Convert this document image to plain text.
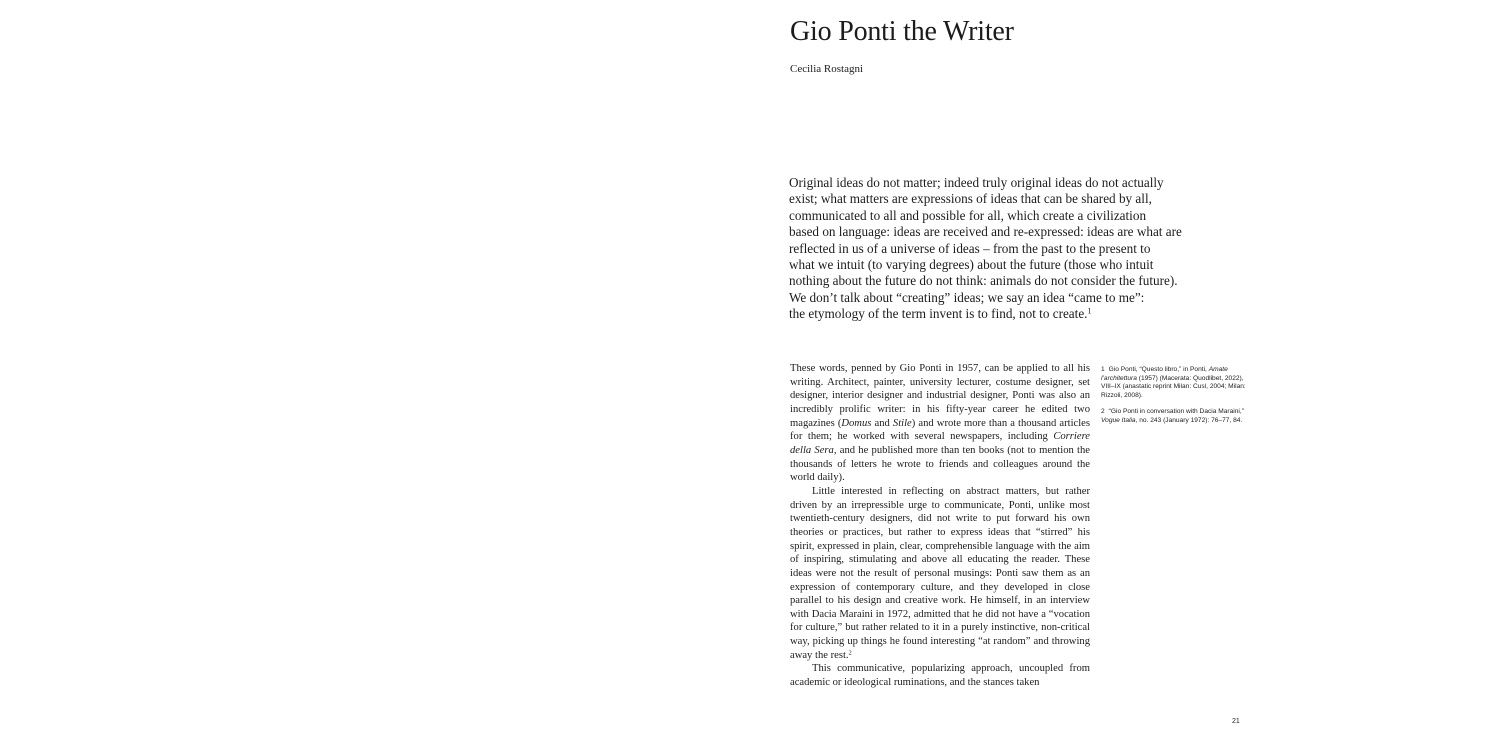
Gio Ponti the Writer
Cecilia Rostagni
Original ideas do not matter; indeed truly original ideas do not actually
exist; what matters are expressions of ideas that can be shared by all,
communicated to all and possible for all, which create a civilization
based on language: ideas are received and re-expressed: ideas are what are
reflected in us of a universe of ideas – from the past to the present to
what we intuit (to varying degrees) about the future (those who intuit
nothing about the future do not think: animals do not consider the future).
We don’t talk about “creating” ideas; we say an idea “came to me”:
the etymology of the term invent is to find, not to create.$^1$

These words, penned by Gio Ponti in 1957, can be applied to all his writing. Architect, painter, university lecturer, costume designer, set designer, interior designer and industrial designer, Ponti was also an incredibly prolific writer: in his fifty-year career he edited two magazines (Domus and Stile) and wrote more than a thousand articles for them; he worked with several newspapers, including Corriere della Sera, and he published more than ten books (not to mention the thousands of letters he wrote to friends and colleagues around the world daily).

Little interested in reflecting on abstract matters, but rather driven by an irrepressible urge to communicate, Ponti, unlike most twentieth-century designers, did not write to put forward his own theories or practices, but rather to express ideas that “stirred” his spirit, expressed in plain, clear, comprehensible language with the aim of inspiring, stimulating and above all educating the reader. These ideas were not the result of personal musings: Ponti saw them as an expression of contemporary culture, and they developed in close parallel to his design and creative work. He himself, in an interview with Dacia Maraini in 1972, admitted that he did not have a “vocation for culture,” but rather related to it in a purely instinctive, non-critical way, picking up things he found interesting “at random” and throwing away the rest.$^2$

This communicative, popularizing approach, uncoupled from academic or ideological ruminations, and the stances taken

1 Gio Ponti, “Questo libro,” in Ponti, Amate l’architettura (1957) (Macerata: Quodlibet, 2022), VIII–IX (anastatic reprint Milan: Cusl, 2004; Milan: Rizzoli, 2008).

2 “Gio Ponti in conversation with Dacia Maraini,” Vogue Italia, no. 243 (January 1972): 76–77, 84.

21
